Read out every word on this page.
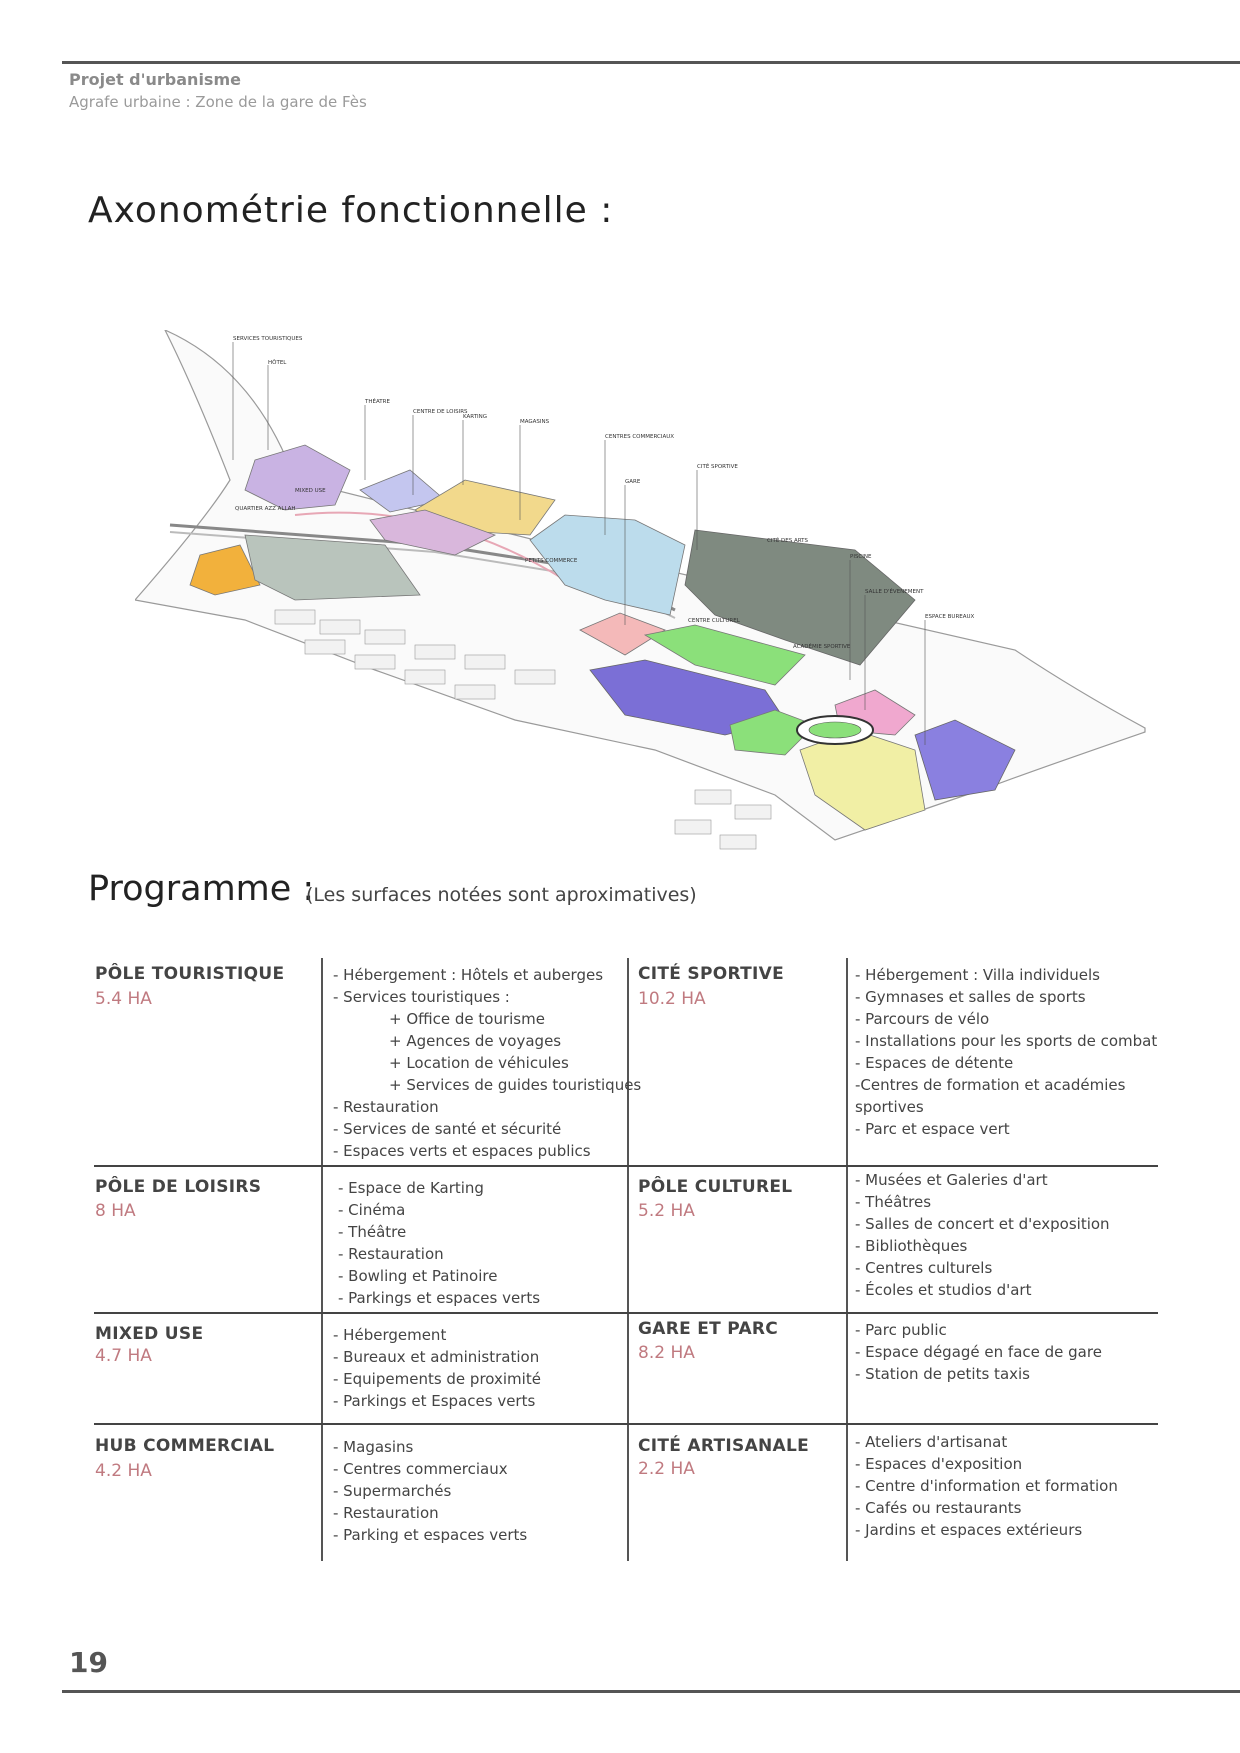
Projet d'urbanisme
Agrafe urbaine : Zone de la gare de Fès
Axonométrie fonctionnelle :
SERVICES TOURISTIQUES
HÔTEL
MIXED USE
QUARTIER AZZ ALLAH
THÉATRE
CENTRE DE LOISIRS
KARTING
MAGASINS
CENTRES COMMERCIAUX
GARE
PETITS COMMERCE
CITÉ SPORTIVE
CITÉ DES ARTS
CENTRE CULTUREL
ACADÉMIE SPORTIVE
PISCINE
SALLE D'ÉVENEMENT
ESPACE BUREAUX
Programme :
(Les surfaces notées sont aproximatives)
PÔLE TOURISTIQUE
5.4 HA
- Hébergement : Hôtels et auberges
- Services touristiques :
+ Office de tourisme
+ Agences de voyages
+ Location de véhicules
+ Services de guides touristiques
- Restauration
- Services de santé et sécurité
- Espaces verts et espaces publics
CITÉ SPORTIVE
10.2 HA
- Hébergement : Villa individuels
- Gymnases et salles de sports
- Parcours de vélo
- Installations pour les sports de combat
- Espaces de détente
-Centres de formation et académies
sportives
- Parc et espace vert
PÔLE DE LOISIRS
8 HA
- Espace de Karting
- Cinéma
- Théâtre
- Restauration
- Bowling et Patinoire
- Parkings et espaces verts
PÔLE CULTUREL
5.2 HA
- Musées et Galeries d'art
- Théâtres
- Salles de concert et d'exposition
- Bibliothèques
- Centres culturels
- Écoles et studios d'art
MIXED USE
4.7 HA
- Hébergement
- Bureaux et administration
- Equipements de proximité
- Parkings et Espaces verts
GARE ET PARC
8.2 HA
- Parc public
- Espace dégagé en face de gare
- Station de petits taxis
HUB COMMERCIAL
4.2 HA
- Magasins
- Centres commerciaux
- Supermarchés
- Restauration
- Parking et espaces verts
CITÉ ARTISANALE
2.2 HA
- Ateliers d'artisanat
- Espaces d'exposition
- Centre d'information et formation
- Cafés ou restaurants
- Jardins et espaces extérieurs
19
